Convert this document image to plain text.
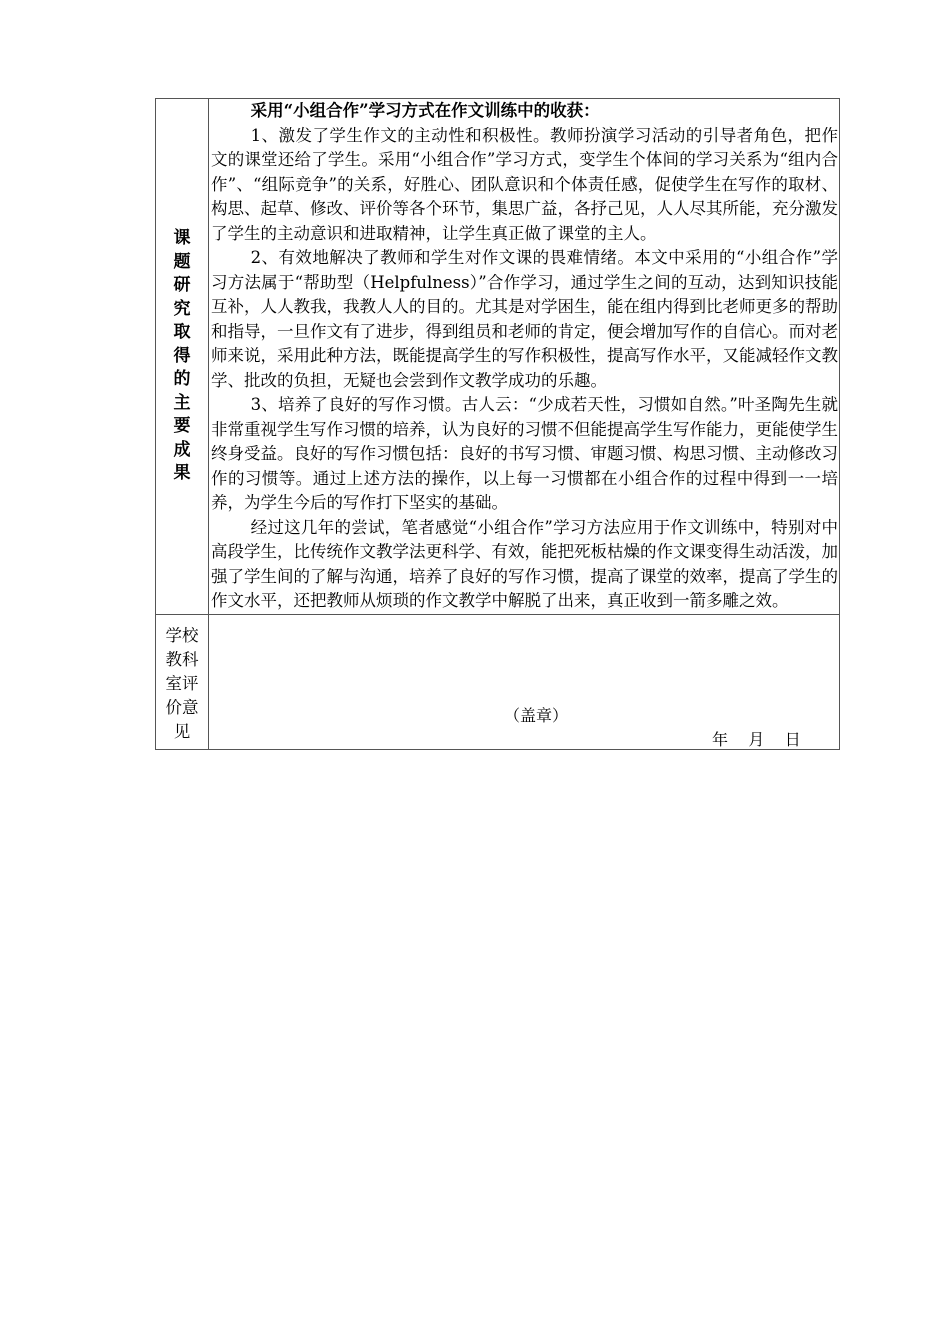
课题研究取得的主要成果	采用“小组合作”学习方式在作文训练中的收获：

1、激发了学生作文的主动性和积极性。教师扮演学习活动的引导者角色，把作文的课堂还给了学生。采用“小组合作”学习方式，变学生个体间的学习关系为“组内合作”、“组际竞争”的关系，好胜心、团队意识和个体责任感，促使学生在写作的取材、构思、起草、修改、评价等各个环节，集思广益，各抒己见，人人尽其所能，充分激发了学生的主动意识和进取精神，让学生真正做了课堂的主人。

2、有效地解决了教师和学生对作文课的畏难情绪。本文中采用的“小组合作”学习方法属于“帮助型（Helpfulness）”合作学习，通过学生之间的互动，达到知识技能互补，人人教我，我教人人的目的。尤其是对学困生，能在组内得到比老师更多的帮助和指导，一旦作文有了进步，得到组员和老师的肯定，便会增加写作的自信心。而对老师来说，采用此种方法，既能提高学生的写作积极性，提高写作水平，又能减轻作文教学、批改的负担，无疑也会尝到作文教学成功的乐趣。

3、培养了良好的写作习惯。古人云：“少成若天性，习惯如自然。”叶圣陶先生就非常重视学生写作习惯的培养，认为良好的习惯不但能提高学生写作能力，更能使学生终身受益。良好的写作习惯包括：良好的书写习惯、审题习惯、构思习惯、主动修改习作的习惯等。通过上述方法的操作，以上每一习惯都在小组合作的过程中得到一一培养，为学生今后的写作打下坚实的基础。

经过这几年的尝试，笔者感觉“小组合作”学习方法应用于作文训练中，特别对中高段学生，比传统作文教学法更科学、有效，能把死板枯燥的作文课变得生动活泼，加强了学生间的了解与沟通，培养了良好的写作习惯，提高了课堂的效率，提高了学生的作文水平，还把教师从烦琐的作文教学中解脱了出来，真正收到一箭多雕之效。

学校教科室评价意见	（盖章）
年    月    日
